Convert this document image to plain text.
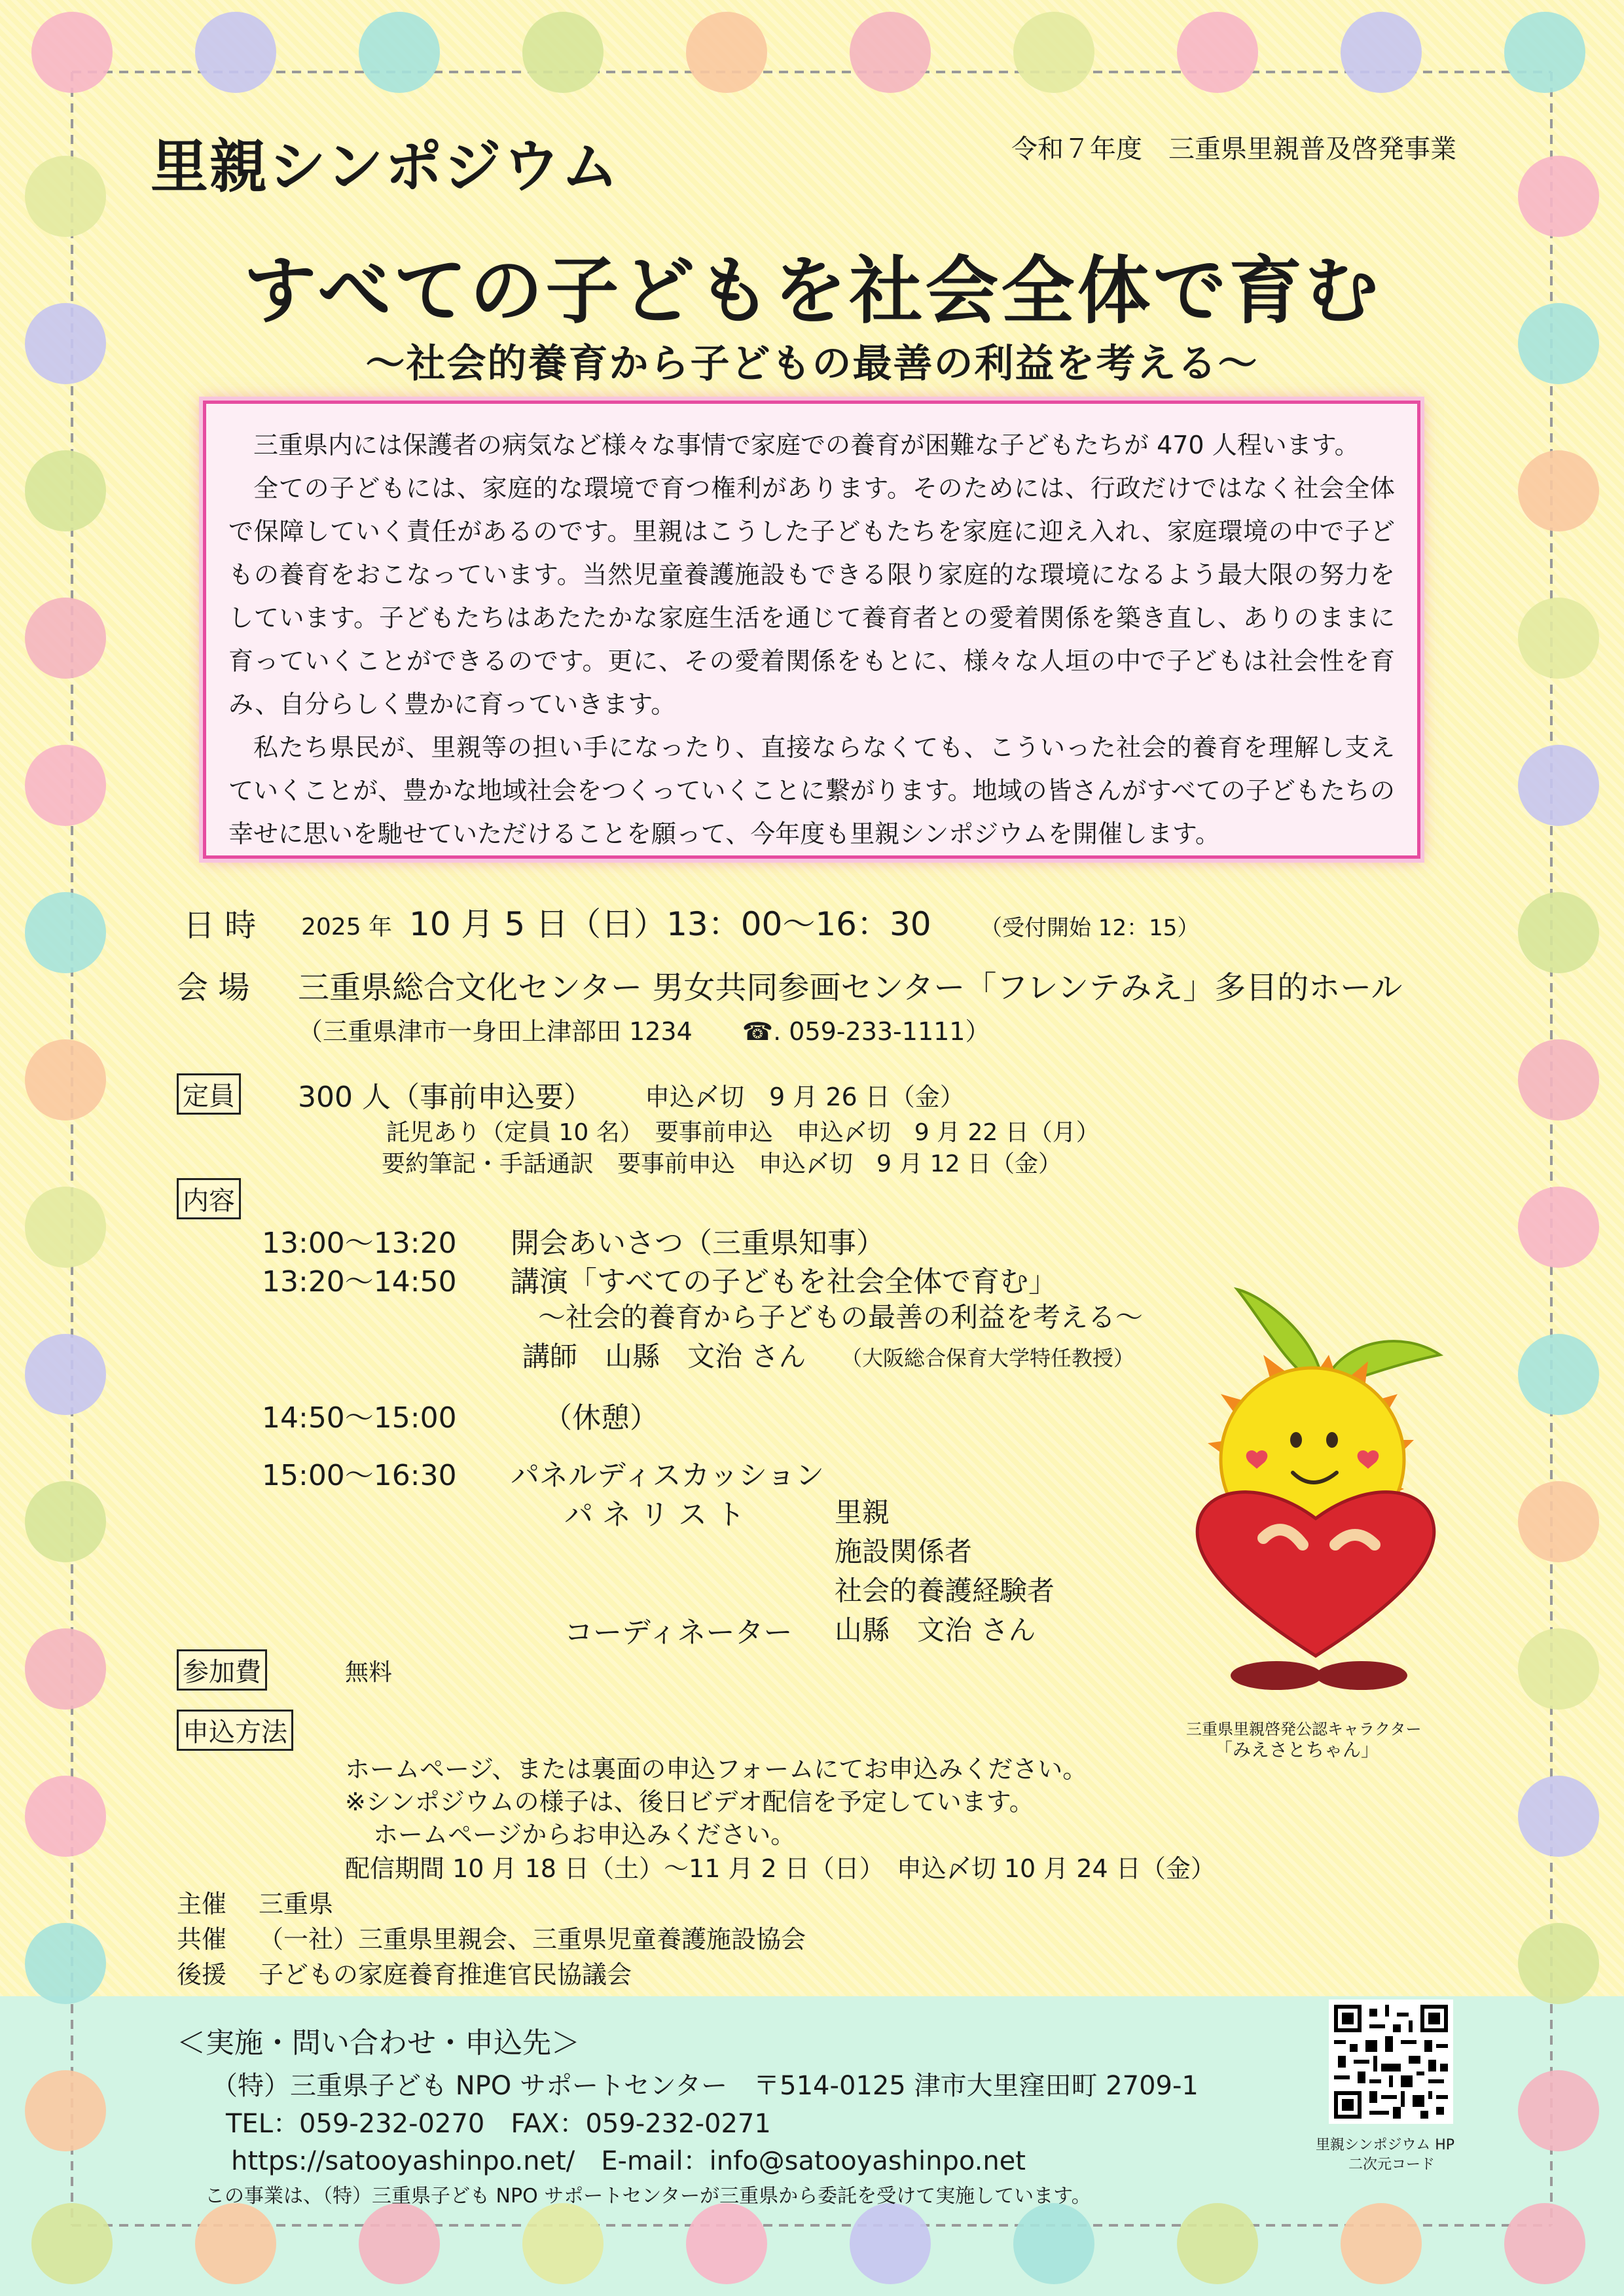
里親シンポジウム	令和７年度　三重県里親普及啓発事業
すべての子どもを社会全体で育む
〜社会的養育から子どもの最善の利益を考える〜

三重県内には保護者の病気など様々な事情で家庭での養育が困難な子どもたちが 470 人程います。

全ての子どもには、家庭的な環境で育つ権利があります。そのためには、行政だけではなく社会全体で保障していく責任があるのです。里親はこうした子どもたちを家庭に迎え入れ、家庭環境の中で子どもの養育をおこなっています。当然児童養護施設もできる限り家庭的な環境になるよう最大限の努力をしています。子どもたちはあたたかな家庭生活を通じて養育者との愛着関係を築き直し、ありのままに育っていくことができるのです。更に、その愛着関係をもとに、様々な人垣の中で子どもは社会性を育み、自分らしく豊かに育っていきます。

私たち県民が、里親等の担い手になったり、直接ならなくても、こういった社会的養育を理解し支えていくことが、豊かな地域社会をつくっていくことに繋がります。地域の皆さんがすべての子どもたちの幸せに思いを馳せていただけることを願って、今年度も里親シンポジウムを開催します。

日 時 2025 年 10 月 5 日（日）13：00〜16：30 （受付開始 12：15）
会 場 三重県総合文化センター 男女共同参画センター「フレンテみえ」多目的ホール
（三重県津市一身田上津部田 1234　　☎. 059-233-1111）
定員 300 人（事前申込要） 申込〆切　9 月 26 日（金）
託児あり（定員 10 名）　要事前申込　申込〆切　9 月 22 日（月）
要約筆記・手話通訳　要事前申込　申込〆切　9 月 12 日（金）
内容
13:00〜13:20 開会あいさつ（三重県知事）
13:20〜14:50 講演「すべての子どもを社会全体で育む」
〜社会的養育から子どもの最善の利益を考える〜
講師　山縣　文治 さん （大阪総合保育大学特任教授）
14:50〜15:00	（休憩）
15:00〜16:30 パネルディスカッション
パ ネ リ ス ト	里親
施設関係者
社会的養護経験者
コーディネーター 山縣　文治 さん
参加費	無料
申込方法
ホームページ、または裏面の申込フォームにてお申込みください。
※シンポジウムの様子は、後日ビデオ配信を予定しています。
ホームページからお申込みください。
配信期間 10 月 18 日（土）〜11 月 2 日（日）　申込〆切 10 月 24 日（金）
主催 三重県
共催 （一社）三重県里親会、三重県児童養護施設協会
後援 子どもの家庭養育推進官民協議会
三重県里親啓発公認キャラクター
「みえさとちゃん」
＜実施・問い合わせ・申込先＞
（特）三重県子ども NPO サポートセンター　〒514-0125 津市大里窪田町 2709-1
TEL：059-232-0270　FAX：059-232-0271
https://satooyashinpo.net/　E-mail：info@satooyashinpo.net
この事業は、（特）三重県子ども NPO サポートセンターが三重県から委託を受けて実施しています。
里親シンポジウム HP
二次元コード
